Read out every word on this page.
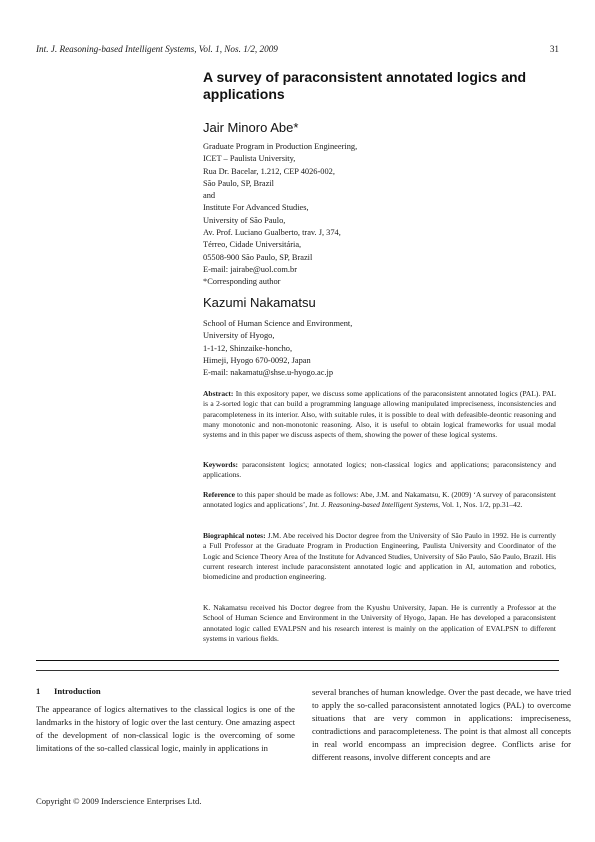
Int. J. Reasoning-based Intelligent Systems, Vol. 1, Nos. 1/2, 2009	31
A survey of paraconsistent annotated logics and applications
Jair Minoro Abe*
Graduate Program in Production Engineering,
ICET – Paulista University,
Rua Dr. Bacelar, 1.212, CEP 4026-002,
São Paulo, SP, Brazil
and
Institute For Advanced Studies,
University of São Paulo,
Av. Prof. Luciano Gualberto, trav. J, 374,
Térreo, Cidade Universitária,
05508-900 São Paulo, SP, Brazil
E-mail: jairabe@uol.com.br
*Corresponding author
Kazumi Nakamatsu
School of Human Science and Environment,
University of Hyogo,
1-1-12, Shinzaike-honcho,
Himeji, Hyogo 670-0092, Japan
E-mail: nakamatu@shse.u-hyogo.ac.jp
Abstract: In this expository paper, we discuss some applications of the paraconsistent annotated logics (PAL). PAL is a 2-sorted logic that can build a programming language allowing manipulated impreciseness, inconsistencies and paracompleteness in its interior. Also, with suitable rules, it is possible to deal with defeasible-deontic reasoning and many monotonic and non-monotonic reasoning. Also, it is useful to obtain logical frameworks for usual modal systems and in this paper we discuss aspects of them, showing the power of these logical systems.
Keywords: paraconsistent logics; annotated logics; non-classical logics and applications; paraconsistency and applications.
Reference to this paper should be made as follows: Abe, J.M. and Nakamatsu, K. (2009) ‘A survey of paraconsistent annotated logics and applications’, Int. J. Reasoning-based Intelligent Systems, Vol. 1, Nos. 1/2, pp.31–42.
Biographical notes: J.M. Abe received his Doctor degree from the University of São Paulo in 1992. He is currently a Full Professor at the Graduate Program in Production Engineering, Paulista University and Coordinator of the Logic and Science Theory Area of the Institute for Advanced Studies, University of São Paulo, São Paulo, Brazil. His current research interest include paraconsistent annotated logic and application in AI, automation and robotics, biomedicine and production engineering.
K. Nakamatsu received his Doctor degree from the Kyushu University, Japan. He is currently a Professor at the School of Human Science and Environment in the University of Hyogo, Japan. He has developed a paraconsistent annotated logic called EVALPSN and his research interest is mainly on the application of EVALPSN to different systems in various fields.
1 Introduction
The appearance of logics alternatives to the classical logics is one of the landmarks in the history of logic over the last century. One amazing aspect of the development of non-classical logic is the overcoming of some limitations of the so-called classical logic, mainly in applications in
several branches of human knowledge. Over the past decade, we have tried to apply the so-called paraconsistent annotated logics (PAL) to overcome situations that are very common in applications: impreciseness, contradictions and paracompleteness. The point is that almost all concepts in real world encompass an imprecision degree. Conflicts arise for different reasons, involve different concepts and are
Copyright © 2009 Inderscience Enterprises Ltd.
